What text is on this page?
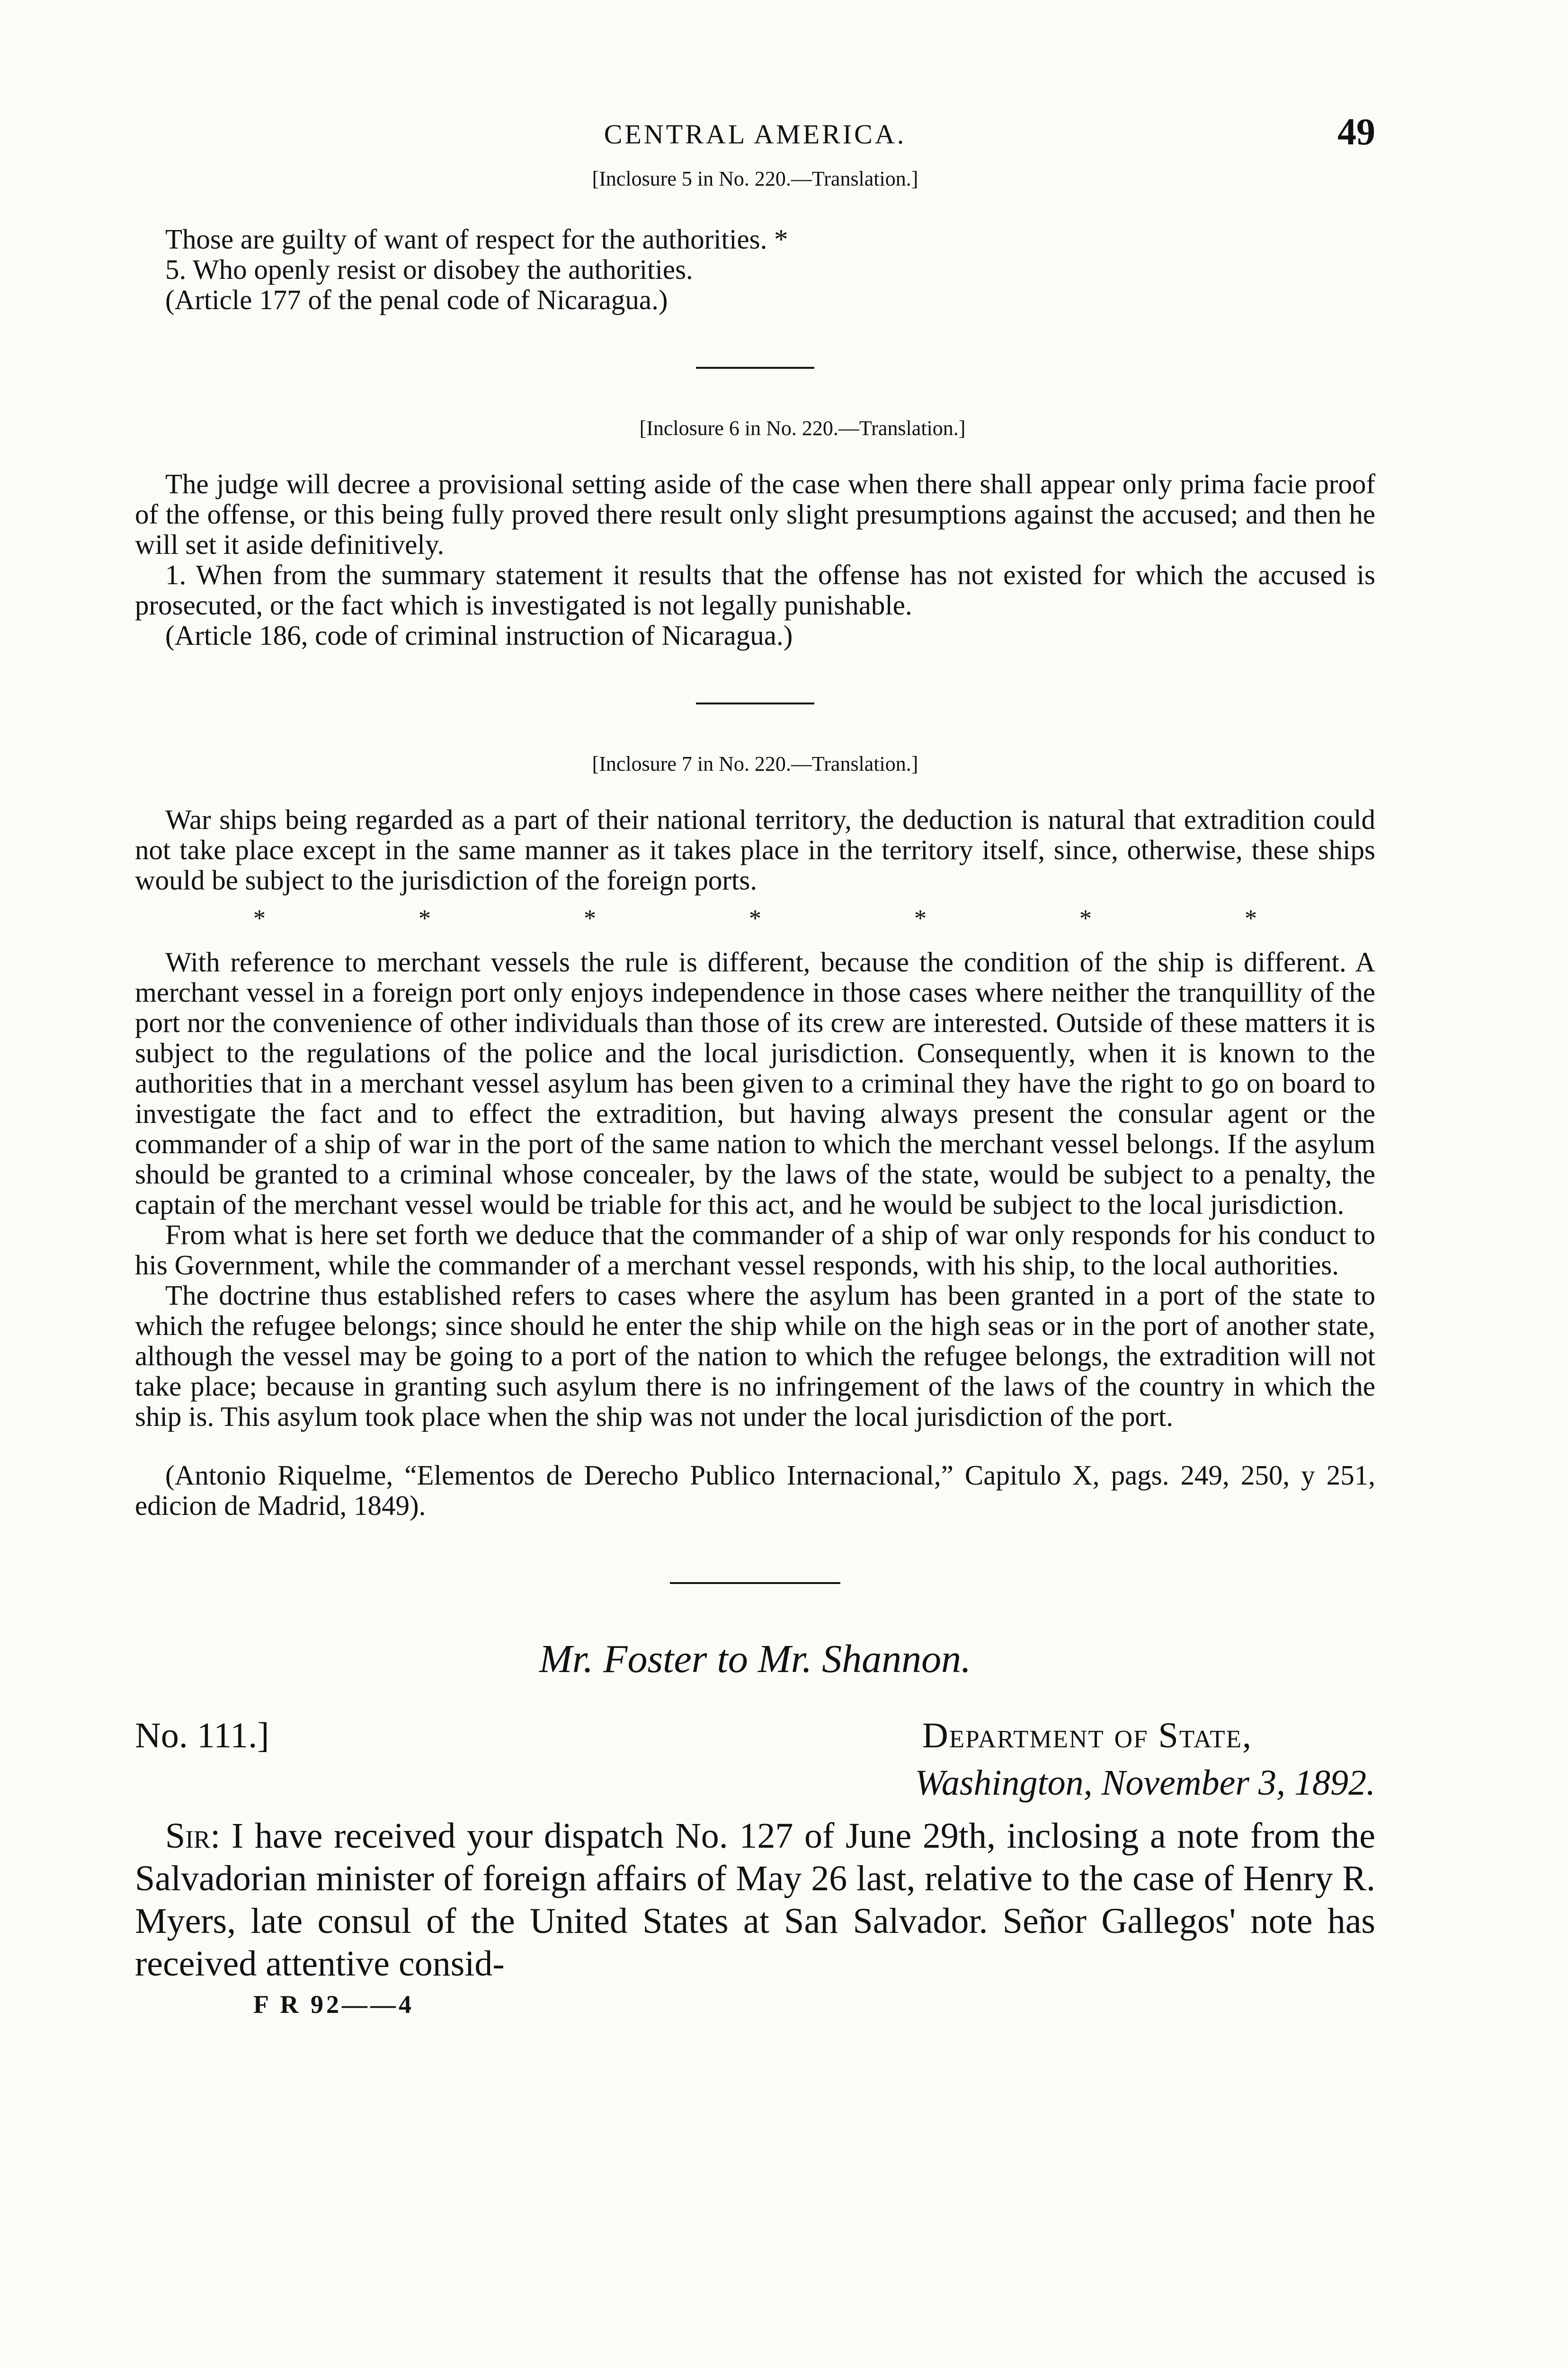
CENTRAL AMERICA.	49

[Inclosure 5 in No. 220.—Translation.]

Those are guilty of want of respect for the authorities. *

5. Who openly resist or disobey the authorities.

(Article 177 of the penal code of Nicaragua.)

[Inclosure 6 in No. 220.—Translation.]

The judge will decree a provisional setting aside of the case when there shall appear only prima facie proof of the offense, or this being fully proved there result only slight presumptions against the accused; and then he will set it aside definitively.

1. When from the summary statement it results that the offense has not existed for which the accused is prosecuted, or the fact which is investigated is not legally punishable.

(Article 186, code of criminal instruction of Nicaragua.)

[Inclosure 7 in No. 220.—Translation.]

War ships being regarded as a part of their national territory, the deduction is natural that extradition could not take place except in the same manner as it takes place in the territory itself, since, otherwise, these ships would be subject to the jurisdiction of the foreign ports.

*	*	*	*	*	*	*

With reference to merchant vessels the rule is different, because the condition of the ship is different. A merchant vessel in a foreign port only enjoys independence in those cases where neither the tranquillity of the port nor the convenience of other individuals than those of its crew are interested. Outside of these matters it is subject to the regulations of the police and the local jurisdiction. Consequently, when it is known to the authorities that in a merchant vessel asylum has been given to a criminal they have the right to go on board to investigate the fact and to effect the extradition, but having always present the consular agent or the commander of a ship of war in the port of the same nation to which the merchant vessel belongs. If the asylum should be granted to a criminal whose concealer, by the laws of the state, would be subject to a penalty, the captain of the merchant vessel would be triable for this act, and he would be subject to the local jurisdiction.

From what is here set forth we deduce that the commander of a ship of war only responds for his conduct to his Government, while the commander of a merchant vessel responds, with his ship, to the local authorities.

The doctrine thus established refers to cases where the asylum has been granted in a port of the state to which the refugee belongs; since should he enter the ship while on the high seas or in the port of another state, although the vessel may be going to a port of the nation to which the refugee belongs, the extradition will not take place; because in granting such asylum there is no infringement of the laws of the country in which the ship is. This asylum took place when the ship was not under the local jurisdiction of the port.

(Antonio Riquelme, “Elementos de Derecho Publico Internacional,” Capitulo X, pags. 249, 250, y 251, edicion de Madrid, 1849).

Mr. Foster to Mr. Shannon.

No. 111.]	Department of State,
Washington, November 3, 1892.

Sir: I have received your dispatch No. 127 of June 29th, inclosing a note from the Salvadorian minister of foreign affairs of May 26 last, relative to the case of Henry R. Myers, late consul of the United States at San Salvador. Señor Gallegos' note has received attentive consid-

F R 92——4
